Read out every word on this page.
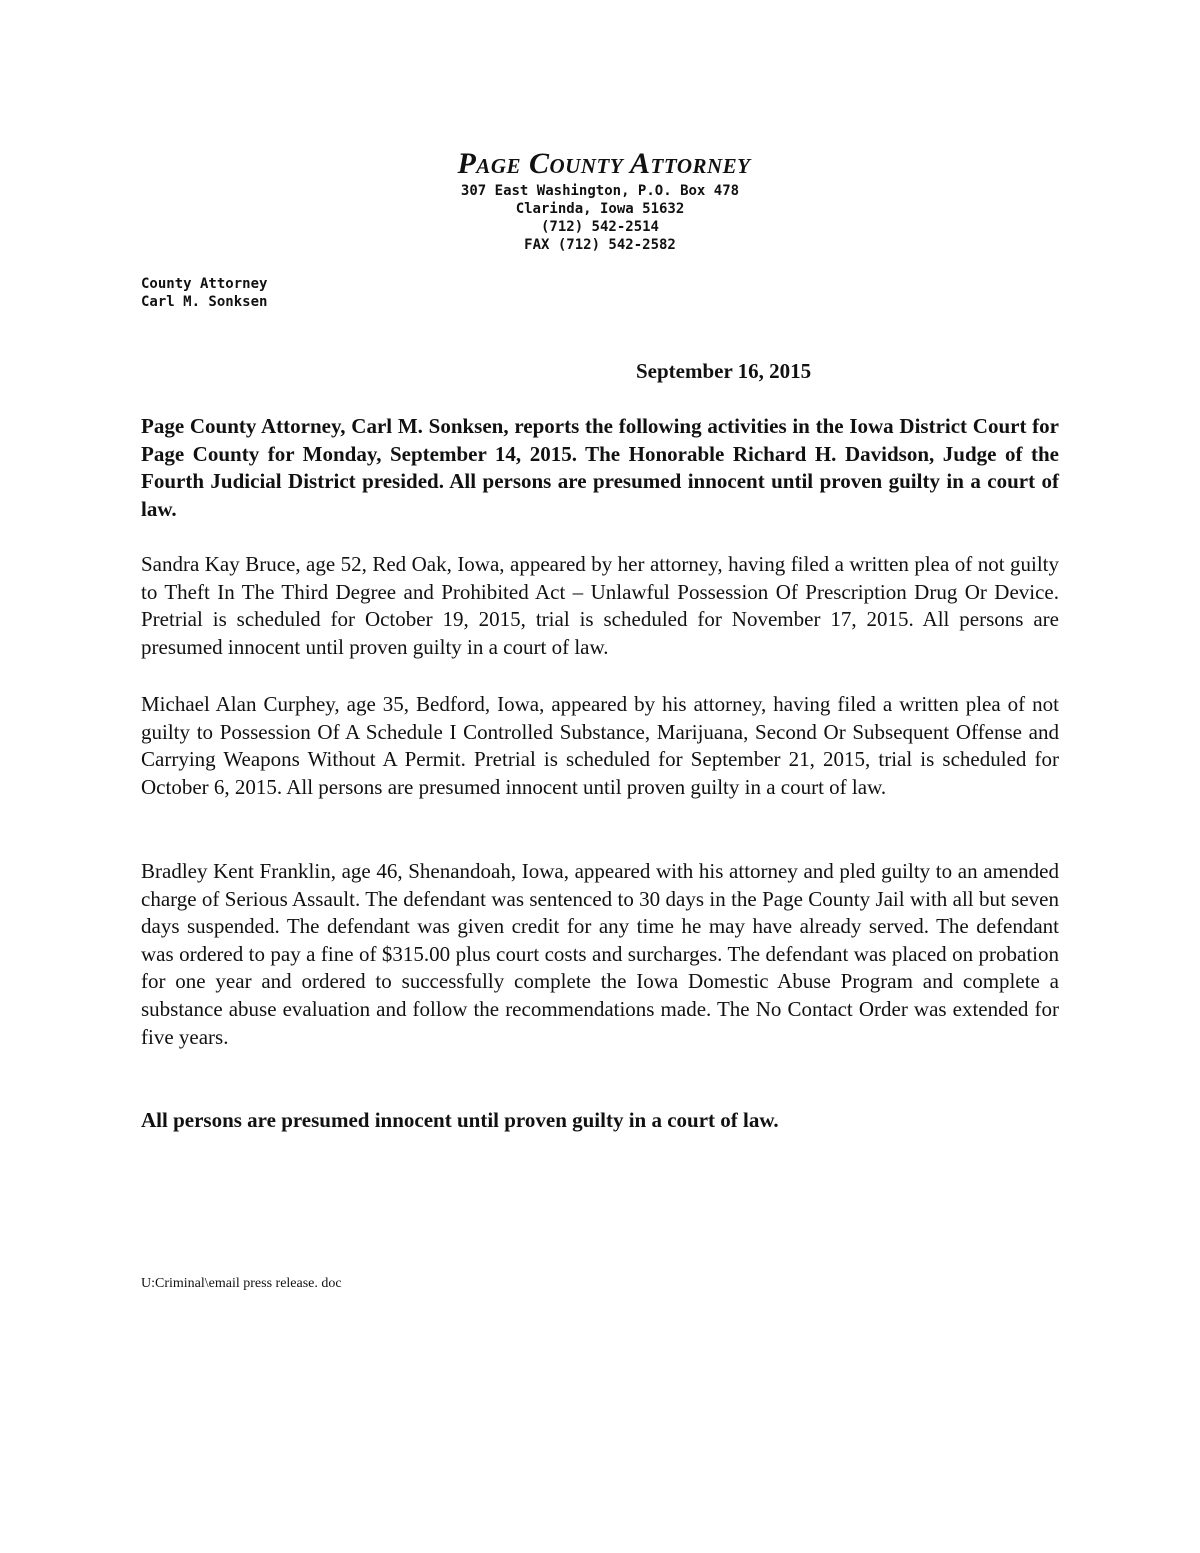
Page County Attorney

307 East Washington, P.O. Box 478

Clarinda, Iowa 51632

(712) 542-2514

FAX (712) 542-2582

County Attorney
Carl M. Sonksen
September 16, 2015

Page County Attorney, Carl M. Sonksen, reports the following activities in the Iowa District Court for Page County for Monday, September 14, 2015. The Honorable Richard H. Davidson, Judge of the Fourth Judicial District presided. All persons are presumed innocent until proven guilty in a court of law.

Sandra Kay Bruce, age 52, Red Oak, Iowa, appeared by her attorney, having filed a written plea of not guilty to Theft In The Third Degree and Prohibited Act – Unlawful Possession Of Prescription Drug Or Device. Pretrial is scheduled for October 19, 2015, trial is scheduled for November 17, 2015. All persons are presumed innocent until proven guilty in a court of law.

Michael Alan Curphey, age 35, Bedford, Iowa, appeared by his attorney, having filed a written plea of not guilty to Possession Of A Schedule I Controlled Substance, Marijuana, Second Or Subsequent Offense and Carrying Weapons Without A Permit. Pretrial is scheduled for September 21, 2015, trial is scheduled for October 6, 2015. All persons are presumed innocent until proven guilty in a court of law.

Bradley Kent Franklin, age 46, Shenandoah, Iowa, appeared with his attorney and pled guilty to an amended charge of Serious Assault. The defendant was sentenced to 30 days in the Page County Jail with all but seven days suspended. The defendant was given credit for any time he may have already served. The defendant was ordered to pay a fine of $315.00 plus court costs and surcharges. The defendant was placed on probation for one year and ordered to successfully complete the Iowa Domestic Abuse Program and complete a substance abuse evaluation and follow the recommendations made. The No Contact Order was extended for five years.

All persons are presumed innocent until proven guilty in a court of law.
U:Criminal\email press release. doc
